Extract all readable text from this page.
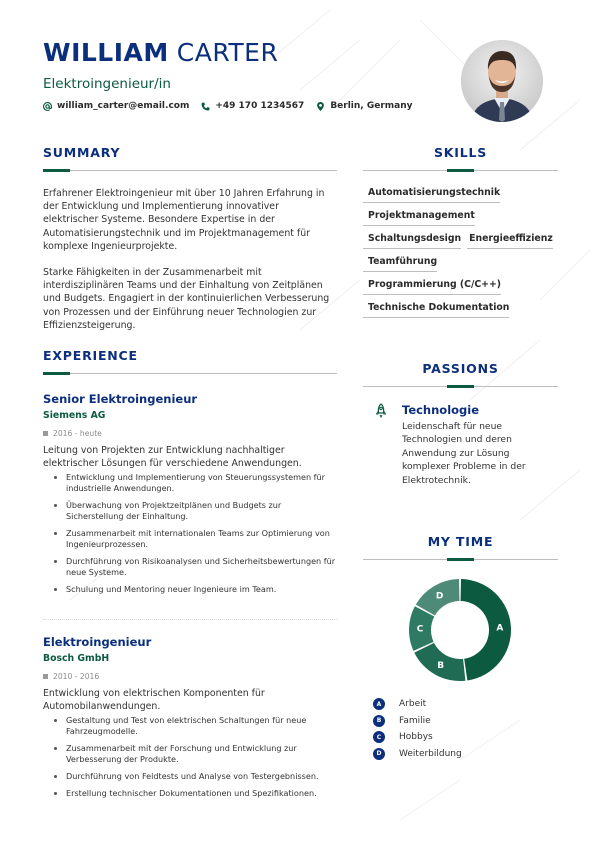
WILLIAM CARTER
Elektroingenieur/in
william_carter@email.com	+49 170 1234567	Berlin, Germany
SUMMARY

Erfahrener Elektroingenieur mit über 10 Jahren Erfahrung in der Entwicklung und Implementierung innovativer elektrischer Systeme. Besondere Expertise in der Automatisierungstechnik und im Projektmanagement für komplexe Ingenieurprojekte.

Starke Fähigkeiten in der Zusammenarbeit mit interdisziplinären Teams und der Einhaltung von Zeitplänen und Budgets. Engagiert in der kontinuierlichen Verbesserung von Prozessen und der Einführung neuer Technologien zur Effizienzsteigerung.

SKILLS
Automatisierungstechnik
Projektmanagement
Schaltungsdesign Energieeffizienz
Teamführung
Programmierung (C/C++)
Technische Dokumentation
EXPERIENCE
Senior Elektroingenieur
Siemens AG
2016 - heute
Leitung von Projekten zur Entwicklung nachhaltiger elektrischer Lösungen für verschiedene Anwendungen.
Entwicklung und Implementierung von Steuerungssystemen für industrielle Anwendungen.
Überwachung von Projektzeitplänen und Budgets zur Sicherstellung der Einhaltung.
Zusammenarbeit mit internationalen Teams zur Optimierung von Ingenieurprozessen.
Durchführung von Risikoanalysen und Sicherheitsbewertungen für neue Systeme.
Schulung und Mentoring neuer Ingenieure im Team.
Elektroingenieur
Bosch GmbH
2010 - 2016
Entwicklung von elektrischen Komponenten für Automobilanwendungen.
Gestaltung und Test von elektrischen Schaltungen für neue Fahrzeugmodelle.
Zusammenarbeit mit der Forschung und Entwicklung zur Verbesserung der Produkte.
Durchführung von Feldtests und Analyse von Testergebnissen.
Erstellung technischer Dokumentationen und Spezifikationen.
PASSIONS
Technologie
Leidenschaft für neue Technologien und deren Anwendung zur Lösung komplexer Probleme in der Elektrotechnik.
MY TIME
A
B
C
D
A	Arbeit
B	Familie
C	Hobbys
D	Weiterbildung
